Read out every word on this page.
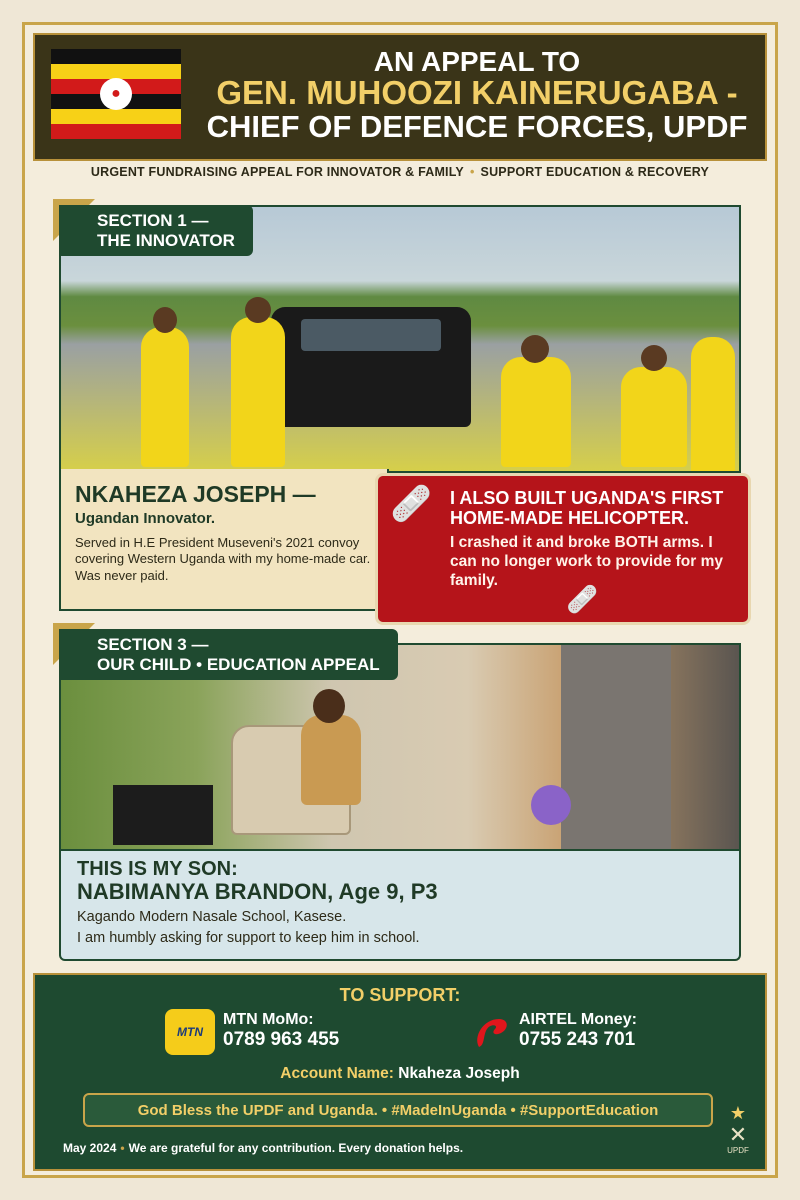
●
AN APPEAL TO
GEN. MUHOOZI KAINERUGABA -
CHIEF OF DEFENCE FORCES, UPDF
URGENT FUNDRAISING APPEAL FOR INNOVATOR & FAMILY • SUPPORT EDUCATION & RECOVERY
SECTION 1 —
THE INNOVATOR
NKAHEZA JOSEPH —
Ugandan Innovator.
Served in H.E President Museveni's 2021 convoy covering Western Uganda with my home-made car. Was never paid.
🩹
🩹
I ALSO BUILT UGANDA'S FIRST HOME-MADE HELICOPTER.
I crashed it and broke BOTH arms. I can no longer work to provide for my family.
SECTION 3 —
OUR CHILD • EDUCATION APPEAL
THIS IS MY SON:
NABIMANYA BRANDON, Age 9, P3
Kagando Modern Nasale School, Kasese.
I am humbly asking for support to keep him in school.
TO SUPPORT:
MTN
MTN MoMo:
0789 963 455
AIRTEL Money:
0755 243 701
Account Name: Nkaheza Joseph
God Bless the UPDF and Uganda. • #MadeInUganda • #SupportEducation
May 2024 • We are grateful for any contribution. Every donation helps.
★
✕
UPDF
